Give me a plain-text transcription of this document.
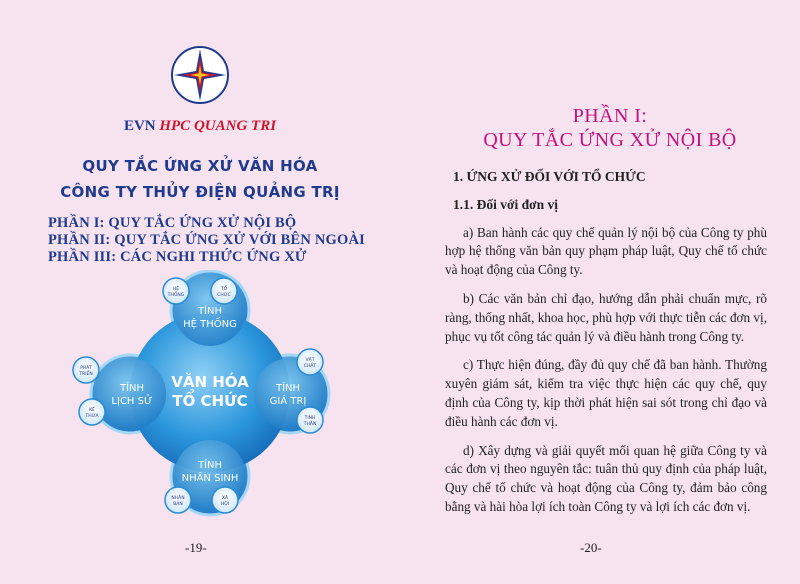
EVN HPC QUANG TRI
QUY TẮC ỨNG XỬ VĂN HÓA
CÔNG TY THỦY ĐIỆN QUẢNG TRỊ
PHẦN I: QUY TẮC ỨNG XỬ NỘI BỘ
PHẦN II: QUY TẮC ỨNG XỬ VỚI BÊN NGOÀI
PHẦN III: CÁC NGHI THỨC ỨNG XỬ
VĂN HÓA
TỔ CHỨC
TÍNH
HỆ THỐNG
TÍNH
GIÁ TRỊ
TÍNH
NHÂN SINH
TÍNH
LỊCH SỬ
HỆ
THỐNG
TỔ
CHỨC
VẬT
CHẤT
TINH
THẦN
NHÂN
BẢN
XÃ
HỘI
PHÁT
TRIỂN
KẾ
THỪA
-19-
PHẦN I:
QUY TẮC ỨNG XỬ NỘI BỘ
-20-
1. ỨNG XỬ ĐỐI VỚI TỔ CHỨC
1.1. Đối với đơn vị

a) Ban hành các quy chế quản lý nội bộ của Công ty phù hợp hệ thống văn bản quy phạm pháp luật, Quy chế tổ chức và hoạt động của Công ty.

b) Các văn bản chỉ đạo, hướng dẫn phải chuẩn mực, rõ ràng, thống nhất, khoa học, phù hợp với thực tiễn các đơn vị, phục vụ tốt công tác quản lý và điều hành trong Công ty.

c) Thực hiện đúng, đầy đủ quy chế đã ban hành. Thường xuyên giám sát, kiểm tra việc thực hiện các quy chế, quy định của Công ty, kịp thời phát hiện sai sót trong chỉ đạo và điều hành các đơn vị.

d) Xây dựng và giải quyết mối quan hệ giữa Công ty và các đơn vị theo nguyên tắc: tuân thủ quy định của pháp luật, Quy chế tổ chức và hoạt động của Công ty, đảm bảo công bằng và hài hòa lợi ích toàn Công ty và lợi ích các đơn vị.
